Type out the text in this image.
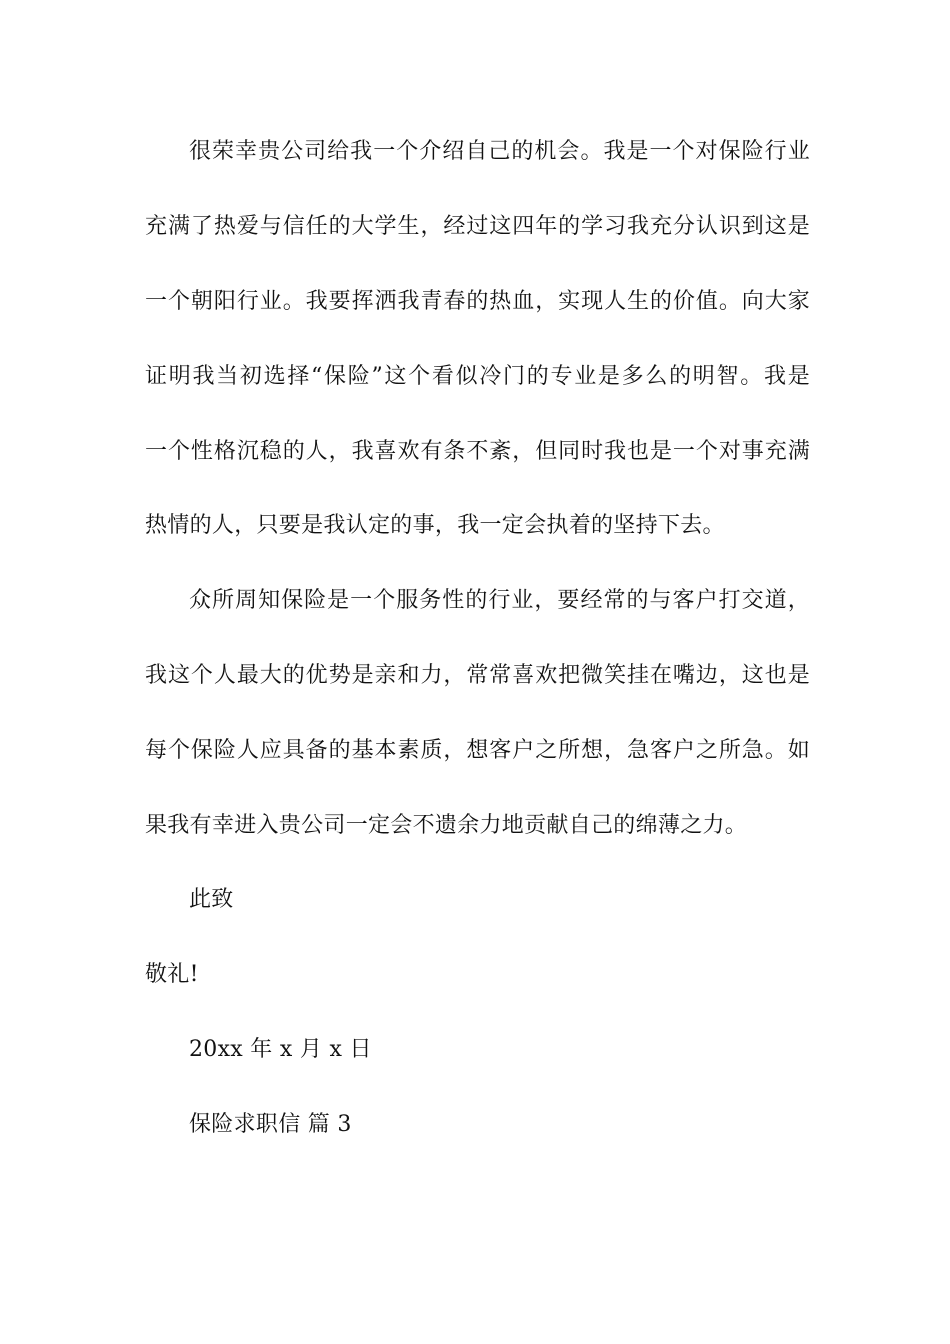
很荣幸贵公司给我一个介绍自己的机会。我是一个对保险行业
充满了热爱与信任的大学生，经过这四年的学习我充分认识到这是
一个朝阳行业。我要挥洒我青春的热血，实现人生的价值。向大家
证明我当初选择“保险”这个看似冷门的专业是多么的明智。我是
一个性格沉稳的人，我喜欢有条不紊，但同时我也是一个对事充满
热情的人，只要是我认定的事，我一定会执着的坚持下去。
众所周知保险是一个服务性的行业，要经常的与客户打交道，
我这个人最大的优势是亲和力，常常喜欢把微笑挂在嘴边，这也是
每个保险人应具备的基本素质，想客户之所想，急客户之所急。如
果我有幸进入贵公司一定会不遗余力地贡献自己的绵薄之力。
此致
敬礼!
20xx 年 x 月 x 日
保险求职信 篇 3
